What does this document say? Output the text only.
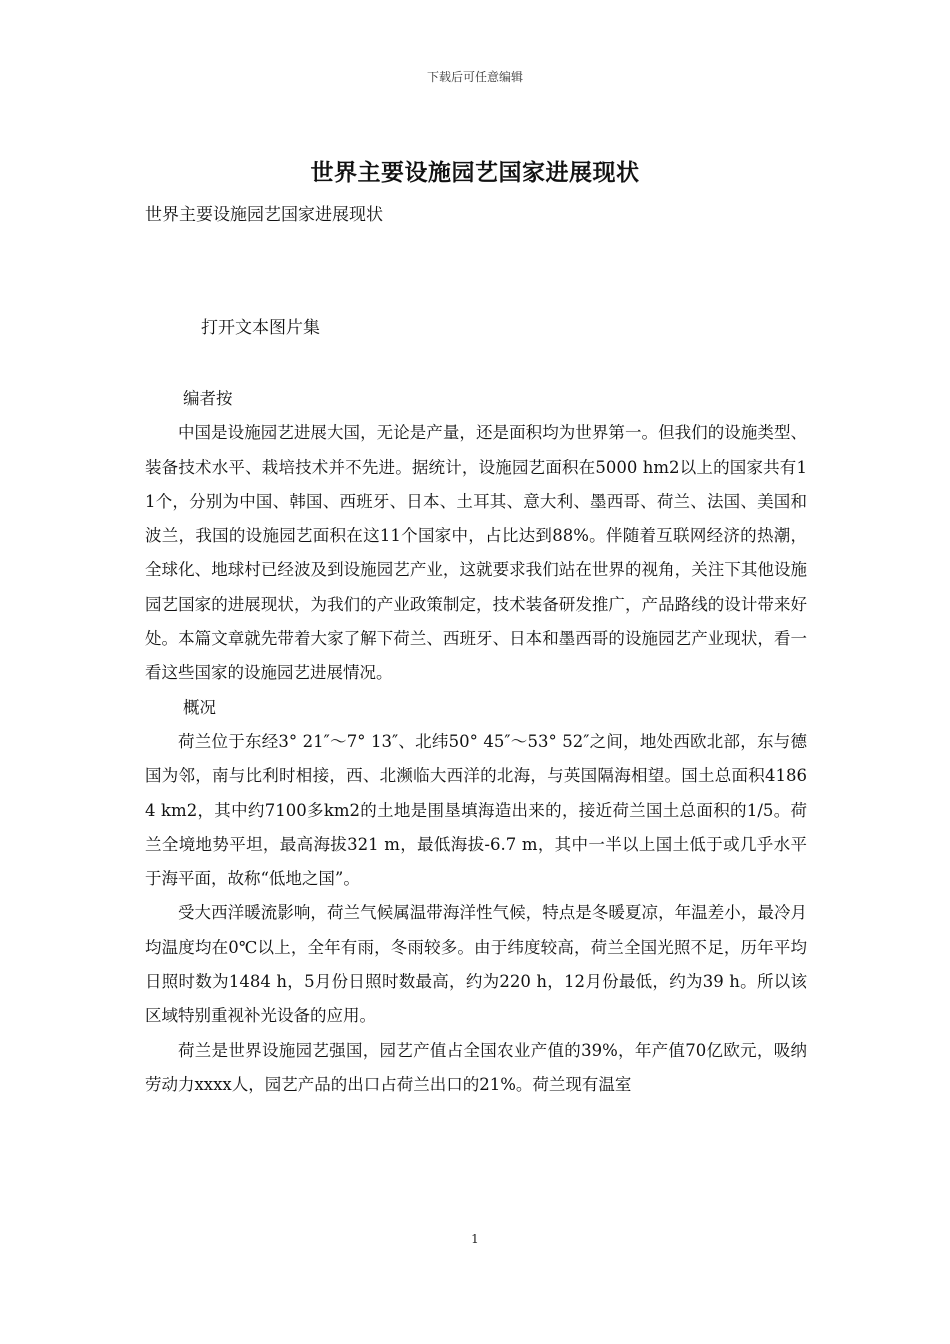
下载后可任意编辑
世界主要设施园艺国家进展现状
世界主要设施园艺国家进展现状
打开文本图片集

编者按

中国是设施园艺进展大国，无论是产量，还是面积均为世界第一。但我们的设施类型、装备技术水平、栽培技术并不先进。据统计，设施园艺面积在5000 hm2以上的国家共有11个，分别为中国、韩国、西班牙、日本、土耳其、意大利、墨西哥、荷兰、法国、美国和波兰，我国的设施园艺面积在这11个国家中，占比达到88%。伴随着互联网经济的热潮，全球化、地球村已经波及到设施园艺产业，这就要求我们站在世界的视角，关注下其他设施园艺国家的进展现状，为我们的产业政策制定，技术装备研发推广，产品路线的设计带来好处。本篇文章就先带着大家了解下荷兰、西班牙、日本和墨西哥的设施园艺产业现状，看一看这些国家的设施园艺进展情况。

概况

荷兰位于东经3° 21″～7° 13″、北纬50° 45″～53° 52″之间，地处西欧北部，东与德国为邻，南与比利时相接，西、北濒临大西洋的北海，与英国隔海相望。国土总面积41864 km2，其中约7100多km2的土地是围垦填海造出来的，接近荷兰国土总面积的1/5。荷兰全境地势平坦，最高海拔321 m，最低海拔-6.7 m，其中一半以上国土低于或几乎水平于海平面，故称“低地之国”。

受大西洋暖流影响，荷兰气候属温带海洋性气候，特点是冬暖夏凉，年温差小，最冷月均温度均在0℃以上，全年有雨，冬雨较多。由于纬度较高，荷兰全国光照不足，历年平均日照时数为1484 h，5月份日照时数最高，约为220 h，12月份最低，约为39 h。所以该区域特别重视补光设备的应用。

荷兰是世界设施园艺强国，园艺产值占全国农业产值的39%，年产值70亿欧元，吸纳劳动力xxxx人，园艺产品的出口占荷兰出口的21%。荷兰现有温室

1
